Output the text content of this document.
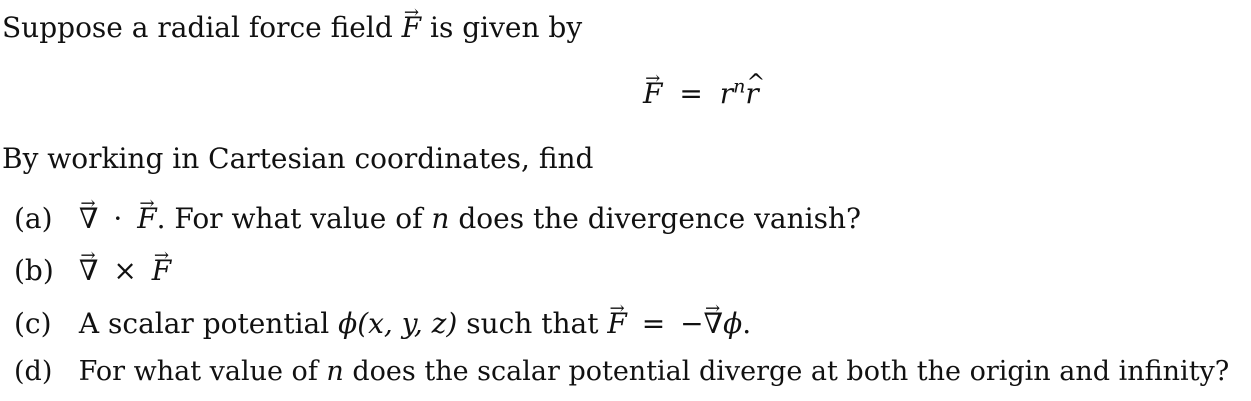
Suppose a radial force field → F is given by
→ $F = r^n\^{}$ r
By working in Cartesian coordinates, find
(a) → ∇ · → F. For what value of n does the divergence vanish?
(b) → ∇ × → F
(c) A scalar potential ϕ(x, y, z) such that → F = −→ ∇ϕ.
(d) For what value of n does the scalar potential diverge at both the origin and infinity?
